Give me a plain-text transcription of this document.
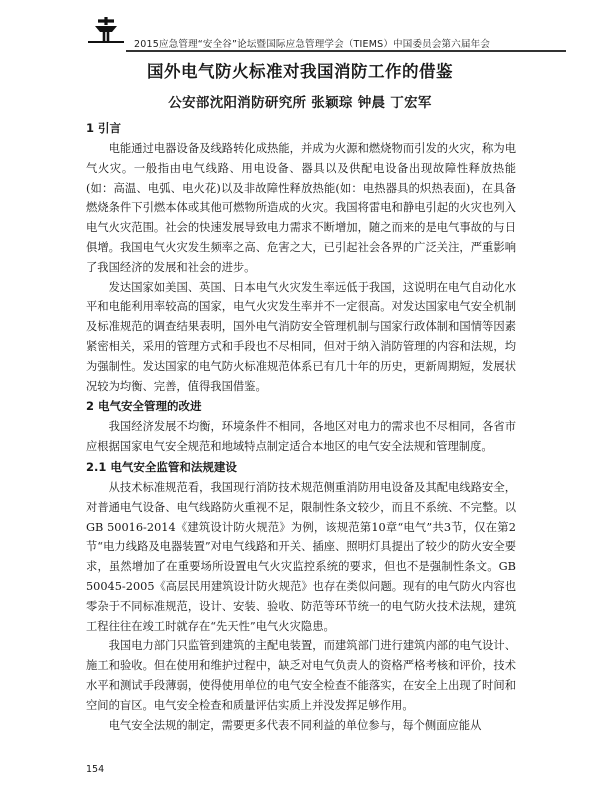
2015应急管理“安全谷”论坛暨国际应急管理学会（TIEMS）中国委员会第六届年会
国外电气防火标准对我国消防工作的借鉴
公安部沈阳消防研究所 张颖琮 钟晨 丁宏军

1 引言

电能通过电器设备及线路转化成热能，并成为火源和燃烧物而引发的火灾，称为电气火灾。一般指由电气线路、用电设备、器具以及供配电设备出现故障性释放热能(如：高温、电弧、电火花)以及非故障性释放热能(如：电热器具的炽热表面)，在具备燃烧条件下引燃本体或其他可燃物所造成的火灾。我国将雷电和静电引起的火灾也列入电气火灾范围。社会的快速发展导致电力需求不断增加，随之而来的是电气事故的与日俱增。我国电气火灾发生频率之高、危害之大，已引起社会各界的广泛关注，严重影响了我国经济的发展和社会的进步。

发达国家如美国、英国、日本电气火灾发生率远低于我国，这说明在电气自动化水平和电能利用率较高的国家，电气火灾发生率并不一定很高。对发达国家电气安全机制及标准规范的调查结果表明，国外电气消防安全管理机制与国家行政体制和国情等因素紧密相关，采用的管理方式和手段也不尽相同，但对于纳入消防管理的内容和法规，均为强制性。发达国家的电气防火标准规范体系已有几十年的历史，更新周期短，发展状况较为均衡、完善，值得我国借鉴。

2 电气安全管理的改进

我国经济发展不均衡，环境条件不相同，各地区对电力的需求也不尽相同，各省市应根据国家电气安全规范和地域特点制定适合本地区的电气安全法规和管理制度。

2.1 电气安全监管和法规建设

从技术标准规范看，我国现行消防技术规范侧重消防用电设备及其配电线路安全，对普通电气设备、电气线路防火重视不足，限制性条文较少，而且不系统、不完整。以GB 50016-2014《建筑设计防火规范》为例，该规范第10章“电气”共3节，仅在第2节“电力线路及电器装置”对电气线路和开关、插座、照明灯具提出了较少的防火安全要求，虽然增加了在重要场所设置电气火灾监控系统的要求，但也不是强制性条文。GB 50045-2005《高层民用建筑设计防火规范》也存在类似问题。现有的电气防火内容也零杂于不同标准规范，设计、安装、验收、防范等环节统一的电气防火技术法规，建筑工程往往在竣工时就存在“先天性”电气火灾隐患。

我国电力部门只监管到建筑的主配电装置，而建筑部门进行建筑内部的电气设计、施工和验收。但在使用和维护过程中，缺乏对电气负责人的资格严格考核和评价，技术水平和测试手段薄弱，使得使用单位的电气安全检查不能落实，在安全上出现了时间和空间的盲区。电气安全检查和质量评估实质上并没发挥足够作用。

电气安全法规的制定，需要更多代表不同利益的单位参与，每个侧面应能从

154
